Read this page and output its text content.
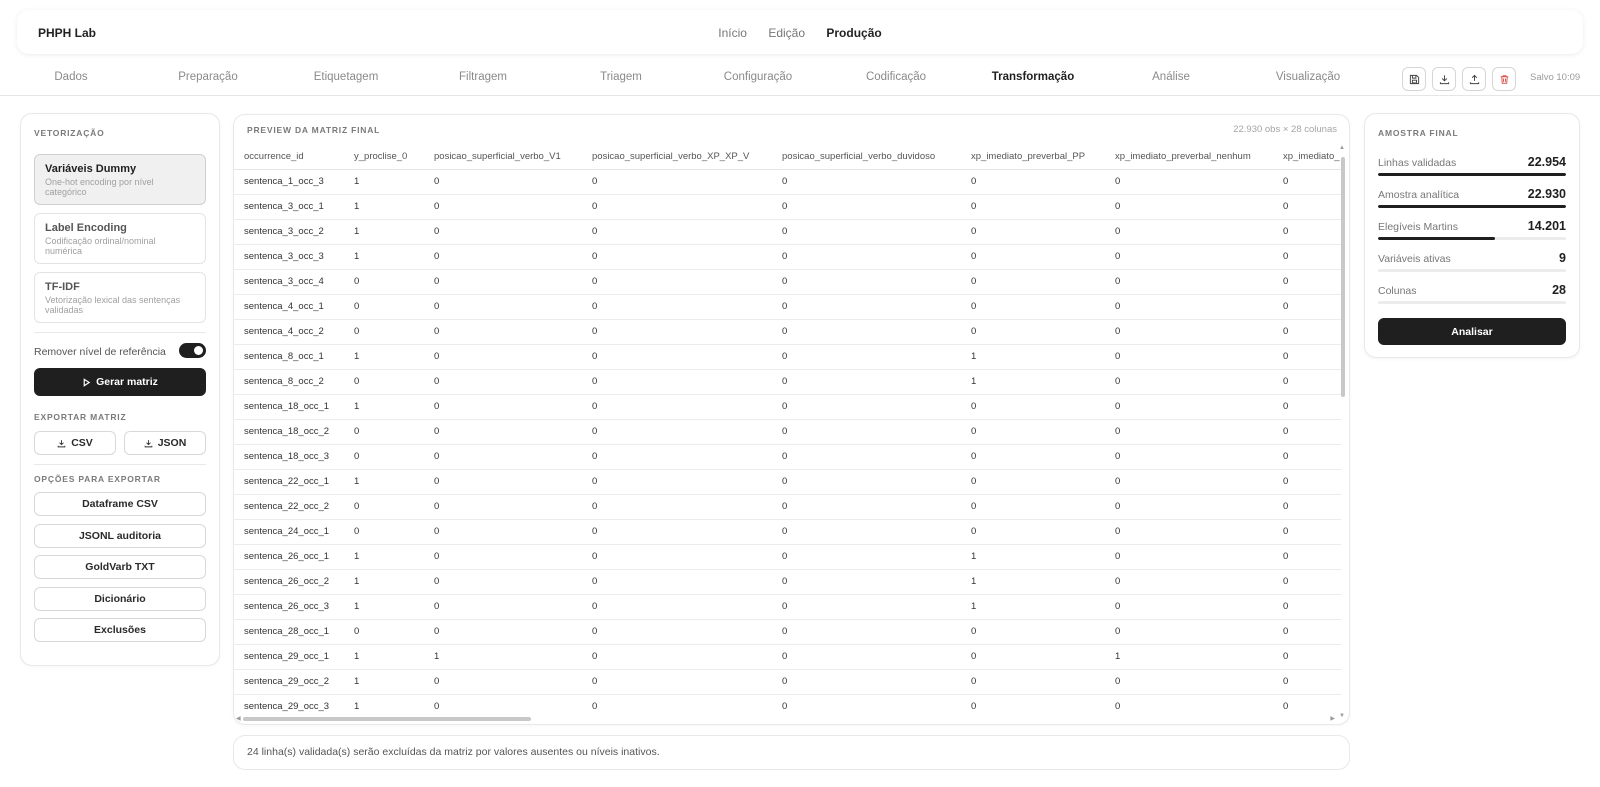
PHPH Lab	Início Edição Produção
Dados	Preparação	Etiquetagem	Filtragem	Triagem	Configuração	Codificação	Transformação	Análise	Visualização	Salvo 10:09
VETORIZAÇÃO
Variáveis Dummy
One-hot encoding por nível categórico
Label Encoding
Codificação ordinal/nominal numérica
TF-IDF
Vetorização lexical das sentenças validadas
Remover nível de referência
Gerar matriz
EXPORTAR MATRIZ
CSV	JSON
OPÇÕES PARA EXPORTAR
Dataframe CSV
JSONL auditoria
GoldVarb TXT
Dicionário
Exclusões
PREVIEW DA MATRIZ FINAL	22.930 obs × 28 colunas
occurrence_id	y_proclise_0	posicao_superficial_verbo_V1	posicao_superficial_verbo_XP_XP_V	posicao_superficial_verbo_duvidoso	xp_imediato_preverbal_PP	xp_imediato_preverbal_nenhum	xp_imediato_
sentenca_1_occ_3	1	0	0	0	0	0	0
sentenca_3_occ_1	1	0	0	0	0	0	0
sentenca_3_occ_2	1	0	0	0	0	0	0
sentenca_3_occ_3	1	0	0	0	0	0	0
sentenca_3_occ_4	0	0	0	0	0	0	0
sentenca_4_occ_1	0	0	0	0	0	0	0
sentenca_4_occ_2	0	0	0	0	0	0	0
sentenca_8_occ_1	1	0	0	0	1	0	0
sentenca_8_occ_2	0	0	0	0	1	0	0
sentenca_18_occ_1	1	0	0	0	0	0	0
sentenca_18_occ_2	0	0	0	0	0	0	0
sentenca_18_occ_3	0	0	0	0	0	0	0
sentenca_22_occ_1	1	0	0	0	0	0	0
sentenca_22_occ_2	0	0	0	0	0	0	0
sentenca_24_occ_1	0	0	0	0	0	0	0
sentenca_26_occ_1	1	0	0	0	1	0	0
sentenca_26_occ_2	1	0	0	0	1	0	0
sentenca_26_occ_3	1	0	0	0	1	0	0
sentenca_28_occ_1	0	0	0	0	0	0	0
sentenca_29_occ_1	1	1	0	0	0	1	0
sentenca_29_occ_2	1	0	0	0	0	0	0
sentenca_29_occ_3	1	0	0	0	0	0	0
▲
▼
◀	▶
24 linha(s) validada(s) serão excluídas da matriz por valores ausentes ou níveis inativos.
AMOSTRA FINAL
Linhas validadas	22.954
Amostra analítica	22.930
Elegíveis Martins	14.201
Variáveis ativas	9
Colunas	28
Analisar
